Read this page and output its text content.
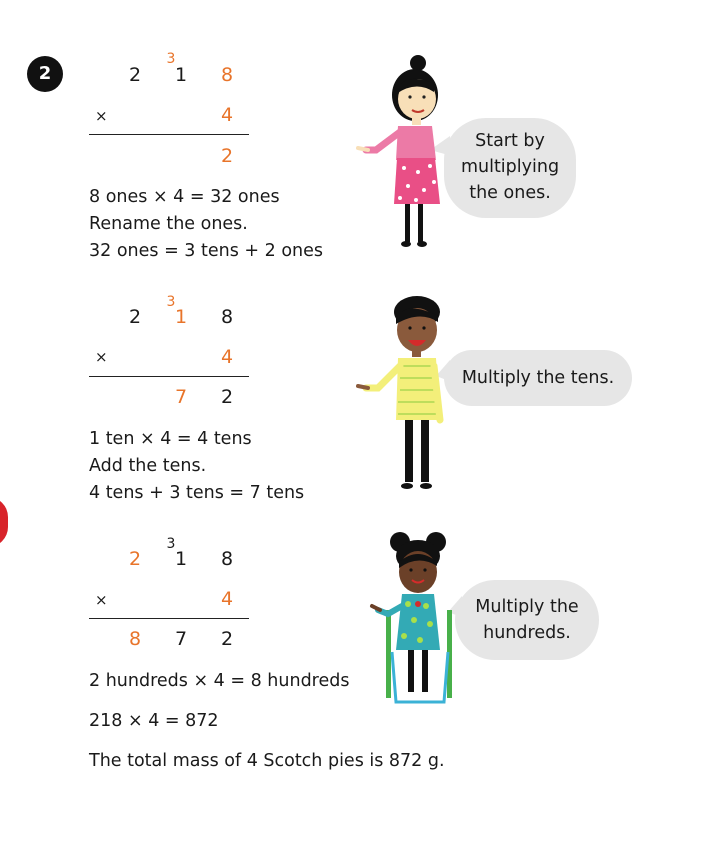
2
3
2 1 8
×	4
2
8 ones × 4 = 32 ones
Rename the ones.
32 ones = 3 tens + 2 ones
3
2 1 8
×	4
7 2
1 ten × 4 = 4 tens
Add the tens.
4 tens + 3 tens = 7 tens
3
2 1 8
×	4
8 7 2
2 hundreds × 4 = 8 hundreds
218 × 4 = 872
The total mass of 4 Scotch pies is 872 g.
Start by
multiplying
the ones.
Multiply the tens.
Multiply the
hundreds.
